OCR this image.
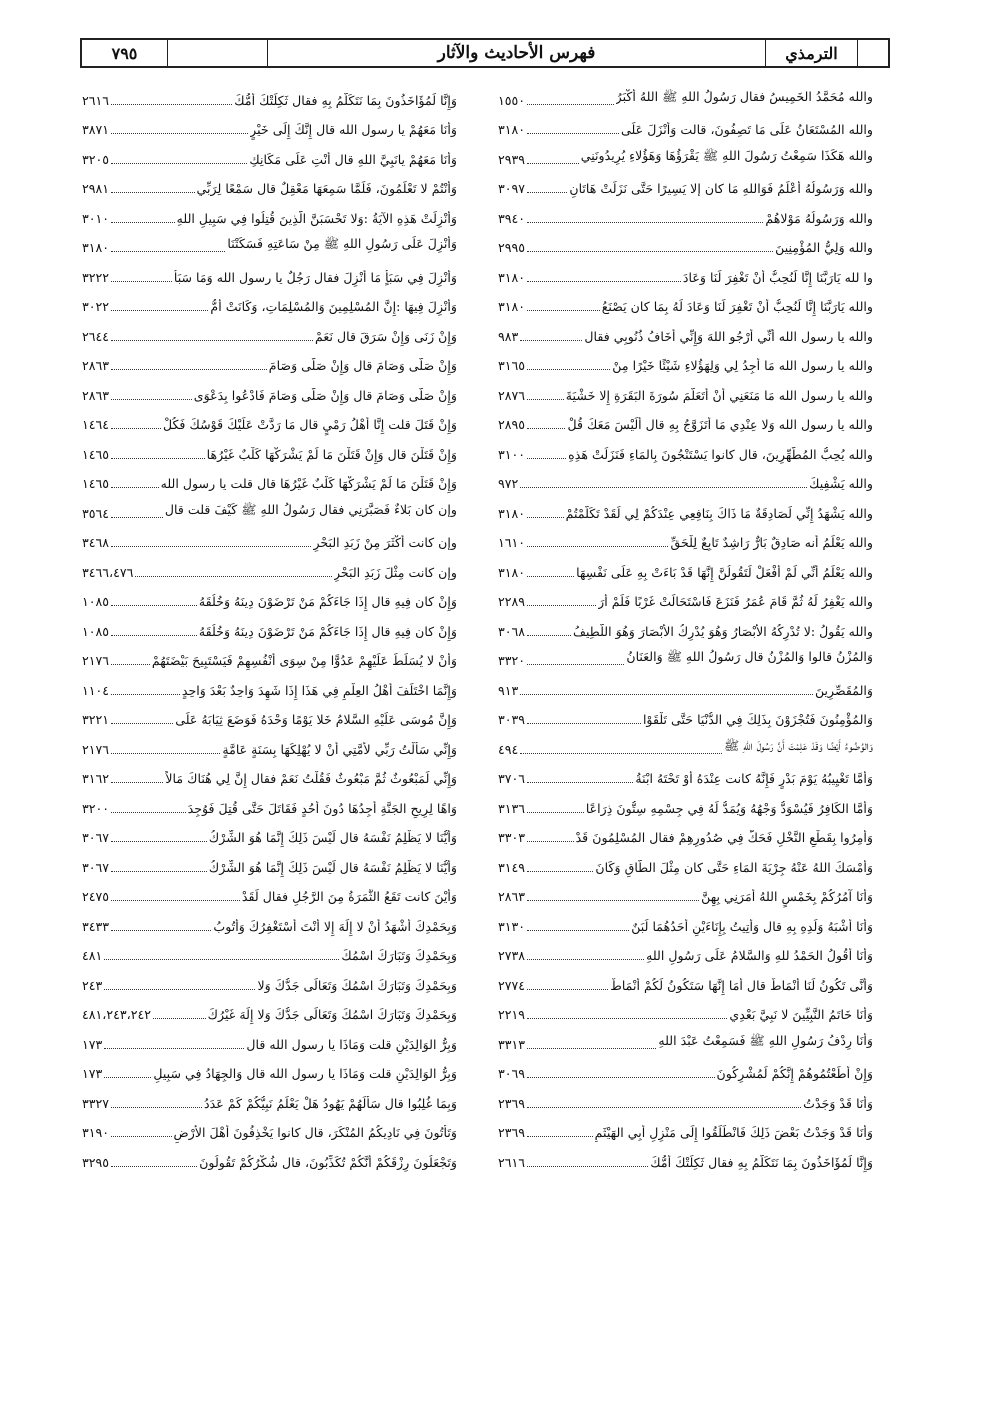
٧٩٥	فهرس الأحاديث والآثار	الترمذي
والله مُحَمَّدُ الخَمِيسُ فقال رَسُولُ اللهِ ﷺ اللهُ أَكْبَرُ
١٥٥٠
والله المُسْتَعَانُ عَلَى مَا تَصِفُونَ، قالت وَأَنْزَلَ عَلَى
٣١٨٠
والله هَكَذَا سَمِعْتُ رَسُولَ اللهِ ﷺ يَقْرَؤُهَا وَهَؤُلاءِ يُرِيدُونَنِي
٢٩٣٩
والله وَرَسُولُهُ أَعْلَمُ فَوَاللهِ مَا كان إلا يَسِيرًا حَتَّى نَزَلَتْ هَاتَانِ
٣٠٩٧
والله وَرَسُولُهُ مَوْلاهُمْ
٣٩٤٠
والله وَلِيُّ المُؤْمِنِينَ
٢٩٩٥
وا لله يَارَبَّنَا إِنَّا لَنُحِبُّ أَنْ تَغْفِرَ لَنَا وَعَادَ
٣١٨٠
والله يَارَبَّنَا إِنَّا لَنُحِبُّ أَنْ تَغْفِرَ لَنَا وَعَادَ لَهُ بِمَا كان يَصْنَعُ
٣١٨٠
والله يا رسول الله أَنِّي أَرْجُو اللهَ وَإِنِّي أَخَافُ ذُنُوبِي فقال
٩٨٣
والله يا رسول الله مَا أَجِدُ لِي وَلِهَؤُلاءِ شَيْئًا خَيْرًا مِنْ
٣١٦٥
والله يا رسول الله مَا مَنَعَنِي أَنْ أَتَعَلَّمَ سُورَةَ البَقَرَةِ إِلا خَشْيَةَ
٢٨٧٦
والله يا رسول الله وَلا عِنْدِي مَا أَتَزَوَّجُ بِهِ قال أَلَيْسَ مَعَكَ قُلْ
٢٨٩٥
والله يُحِبُّ المُطَّهِّرِينَ، قال كانوا يَسْتَنْجُونَ بِالمَاءِ فَنَزَلَتْ هَذِهِ
٣١٠٠
والله يَشْفِيكَ
٩٧٢
والله يَشْهَدُ إِنِّي لَصَادِقَةٌ مَا ذَاكَ بِنَافِعِي عِنْدَكُمْ لِي لَقَدْ تَكَلَّمْتُمْ
٣١٨٠
والله يَعْلَمُ أنه صَادِقٌ بَارٌّ رَاشِدٌ تَابِعٌ لِلْحَقِّ
١٦١٠
والله يَعْلَمُ أَنِّي لَمْ أَفْعَلْ لَتَقُولُنَّ إِنَّهَا قَدْ بَاءَتْ بِهِ عَلَى نَفْسِهَا
٣١٨٠
والله يَغْفِرُ لَهُ ثُمَّ قَامَ عُمَرُ فَنَزَعَ فَاسْتَحَالَتْ غَرْبًا فَلَمْ أَرَ
٢٢٨٩
والله يَقُولُ :لا تُدْرِكُهُ الأَبْصَارُ وَهُوَ يُدْرِكُ الأَبْصَارَ وَهُوَ اللَّطِيفُ
٣٠٦٨
وَالمُزْنُ قالوا وَالمُزْنُ قال رَسُولُ اللهِ ﷺ وَالعَنَانُ
٣٣٢٠
وَالمُقَصِّرِينَ
٩١٣
وَالمُؤْمِنُونَ فَتُجْزَوْنَ بِذَلِكَ فِي الدُّنْيَا حَتَّى تَلْقَوْا
٣٠٣٩
وَالوُضُوءُ أَيْضًا وَقَدْ عَلِمْتَ أَنَّ رَسُولَ اللهِ ﷺ
٤٩٤
وَأَمَّا تَغْيِيبُهُ يَوْمَ بَدْرٍ فَإِنَّهُ كانت عِنْدَهُ أَوْ تَحْتَهُ ابْنَةُ
٣٧٠٦
وَأَمَّا الكَافِرُ فَيُسْوَدُّ وَجْهُهُ وَيُمَدُّ لَهُ فِي جِسْمِهِ سِتُّونَ ذِرَاعًا
٣١٣٦
وَأُمِرُوا بِقَطْعِ النَّخْلِ فَحَكَّ فِي صُدُورِهِمْ فقال المُسْلِمُونَ قَدْ
٣٣٠٣
وَأَمْسَكَ اللهُ عَنْهُ جِرْيَةَ المَاءِ حَتَّى كان مِثْلَ الطَّاقِ وَكَانَ
٣١٤٩
وَأَنَا آمُرُكُمْ بِخَمْسٍ اللهُ أَمَرَنِي بِهِنَّ
٢٨٦٣
وَأَنَا أَشْبَهُ وَلَدِهِ بِهِ قال وَأُتِيتُ بِإِنَاءَيْنِ أَحَدُهُمَا لَبَنٌ
٣١٣٠
وَأَنَا أَقُولُ الحَمْدُ للهِ وَالسَّلامُ عَلَى رَسُولِ اللهِ
٢٧٣٨
وَأَنَّى تَكُونُ لَنَا أَنْمَاطٌ قال أَمَا إِنَّهَا سَتَكُونُ لَكُمْ أَنْمَاطٌ
٢٧٧٤
وَأَنَا خَاتَمُ النَّبِيِّينَ لا نَبِيَّ بَعْدِي
٢٢١٩
وَأَنَا رِدْفُ رَسُولِ اللهِ ﷺ فَسَمِعْتُ عَبْدَ اللهِ
٣٣١٣
وَإِنْ أَطَعْتُمُوهُمْ إِنَّكُمْ لَمُشْرِكُونَ
٣٠٦٩
وَأَنَا قَدْ وَجَدْتُ
٢٣٦٩
وَأَنَا قَدْ وَجَدْتُ بَعْضَ ذَلِكَ فَانْطَلَقُوا إِلَى مَنْزِلِ أَبِي الهَيْثَمِ
٢٣٦٩
وَإِنَّا لَمُؤَاخَذُونَ بِمَا نَتَكَلَّمُ بِهِ فقال ثَكِلَتْكَ أُمُّكَ
٢٦١٦
وَإِنَّا لَمُؤَاخَذُونَ بِمَا نَتَكَلَّمُ بِهِ فقال ثَكِلَتْكَ أُمُّكَ
٢٦١٦
وَأَنَا مَعَهُمْ يا رسول الله قال إِنَّكَ إِلَى خَيْرٍ
٣٨٧١
وَأَنَا مَعَهُمْ يانَبِيَّ اللهِ قال أَنْتِ عَلَى مَكَانِكِ
٣٢٠٥
وَأَنْتُمْ لا تَعْلَمُونَ، فَلَمَّا سَمِعَهَا مَعْقِلٌ قال سَمْعًا لِرَبِّي
٢٩٨١
وَأُنْزِلَتْ هَذِهِ الآيَةُ :وَلا تَحْسَبَنَّ الَّذِينَ قُتِلُوا فِي سَبِيلِ اللهِ
٣٠١٠
وَأُنْزِلَ عَلَى رَسُولِ اللهِ ﷺ مِنْ سَاعَتِهِ فَسَكَتْنَا
٣١٨٠
وَأُنْزِلَ فِي سَبَأٍ مَا أُنْزِلَ فقال رَجُلٌ يا رسول الله وَمَا سَبَأٌ
٣٢٢٢
وَأُنْزِلَ فِيهَا :إِنَّ المُسْلِمِينَ وَالمُسْلِمَاتِ، وَكَانَتْ أُمُّ
٣٠٢٢
وَإِنْ زَنَى وَإِنْ سَرَقَ قال نَعَمْ
٢٦٤٤
وَإِنْ صَلَّى وَصَامَ قال وَإِنْ صَلَّى وَصَامَ
٢٨٦٣
وَإِنْ صَلَّى وَصَامَ قال وَإِنْ صَلَّى وَصَامَ فَادْعُوا بِدَعْوَى
٢٨٦٣
وَإِنْ قَتَلَ قلت إِنَّا أَهْلُ رَمْيٍ قال مَا رَدَّتْ عَلَيْكَ قَوْسُكَ فَكُلْ
١٤٦٤
وَإِنْ قَتَلْنَ قال وَإِنْ قَتَلْنَ مَا لَمْ يَشْرَكْهَا كَلْبٌ غَيْرُهَا
١٤٦٥
وَإِنْ قَتَلْنَ مَا لَمْ يَشْرَكْهَا كَلْبٌ غَيْرُهَا قال قلت يا رسول الله
١٤٦٥
وإن كان بَلاءٌ فَصَبَّرَنِي فقال رَسُولُ اللهِ ﷺ كَيْفَ قلت قال
٣٥٦٤
وإن كانت أَكْثَرَ مِنْ زَبَدِ البَحْرِ
٣٤٦٨
وإن كانت مِثْلَ زَبَدِ البَحْرِ
٣٤٦٦،٤٧٦
وَإِنْ كان فِيهِ قال إِذَا جَاءَكُمْ مَنْ تَرْضَوْنَ دِينَهُ وَخُلُقَهُ
١٠٨٥
وَإِنْ كان فِيهِ قال إِذَا جَاءَكُمْ مَنْ تَرْضَوْنَ دِينَهُ وَخُلُقَهُ
١٠٨٥
وَأَنْ لا يُسَلِّطَ عَلَيْهِمْ عَدُوًّا مِنْ سِوَى أَنْفُسِهِمْ فَيَسْتَبِيحَ بَيْضَتَهُمْ
٢١٧٦
وَإِنَّمَا اخْتَلَفَ أَهْلُ العِلْمِ فِي هَذَا إِذَا شَهِدَ وَاحِدٌ بَعْدَ وَاحِدٍ
١١٠٤
وَإِنَّ مُوسَى عَلَيْهِ السَّلامُ خَلا يَوْمًا وَحْدَهُ فَوَضَعَ ثِيَابَهُ عَلَى
٣٢٢١
وَإِنِّي سَأَلْتُ رَبِّي لأُمَّتِي أَنْ لا يُهْلِكَهَا بِسَنَةٍ عَامَّةٍ
٢١٧٦
وَإِنِّي لَمَبْعُوثٌ ثُمَّ مَبْعُوثٌ فَقُلْتُ نَعَمْ فقال إِنَّ لِي هُنَاكَ مَالاً
٣١٦٢
وَاهًا لِرِيحِ الجَنَّةِ أَجِدُهَا دُونَ أُحُدٍ فَقَاتَلَ حَتَّى قُتِلَ فَوُجِدَ
٣٢٠٠
وَأَيُّنَا لا يَظْلِمُ نَفْسَهُ قال لَيْسَ ذَلِكَ إِنَّمَا هُوَ الشِّرْكُ
٣٠٦٧
وَأَيُّنَا لا يَظْلِمُ نَفْسَهُ قال لَيْسَ ذَلِكَ إِنَّمَا هُوَ الشِّرْكُ
٣٠٦٧
وَأَيْنَ كانت تَقَعُ الثَّمَرَةُ مِنَ الرَّجُلِ فقال لَقَدْ
٢٤٧٥
وَبِحَمْدِكَ أَشْهَدُ أَنْ لا إِلَهَ إِلا أَنْتَ أَسْتَغْفِرُكَ وَأَتُوبُ
٣٤٣٣
وَبِحَمْدِكَ وَتَبَارَكَ اسْمُكَ
٤٨١
وَبِحَمْدِكَ وَتَبَارَكَ اسْمُكَ وَتَعَالَى جَدُّكَ وَلا
٢٤٣
وَبِحَمْدِكَ وَتَبَارَكَ اسْمُكَ وَتَعَالَى جَدُّكَ وَلا إِلَهَ غَيْرُكَ
٤٨١،٢٤٣،٢٤٢
وَبِرُّ الوَالِدَيْنِ قلت وَمَاذَا يا رسول الله قال
١٧٣
وَبِرُّ الوَالِدَيْنِ قلت وَمَاذَا يا رسول الله قال وَالجِهَادُ فِي سَبِيلِ
١٧٣
وَبِمَا غُلِبُوا قال سَأَلَهُمْ يَهُودُ هَلْ يَعْلَمُ نَبِيُّكُمْ كَمْ عَدَدُ
٣٣٢٧
وَتَأْتُونَ فِي نَادِيكُمُ المُنْكَرَ، قال كانوا يَخْذِفُونَ أَهْلَ الأَرْضِ
٣١٩٠
وَتَجْعَلُونَ رِزْقَكُمْ أَنَّكُمْ تُكَذِّبُونَ، قال شُكْرُكُمْ تَقُولُونَ
٣٢٩٥
